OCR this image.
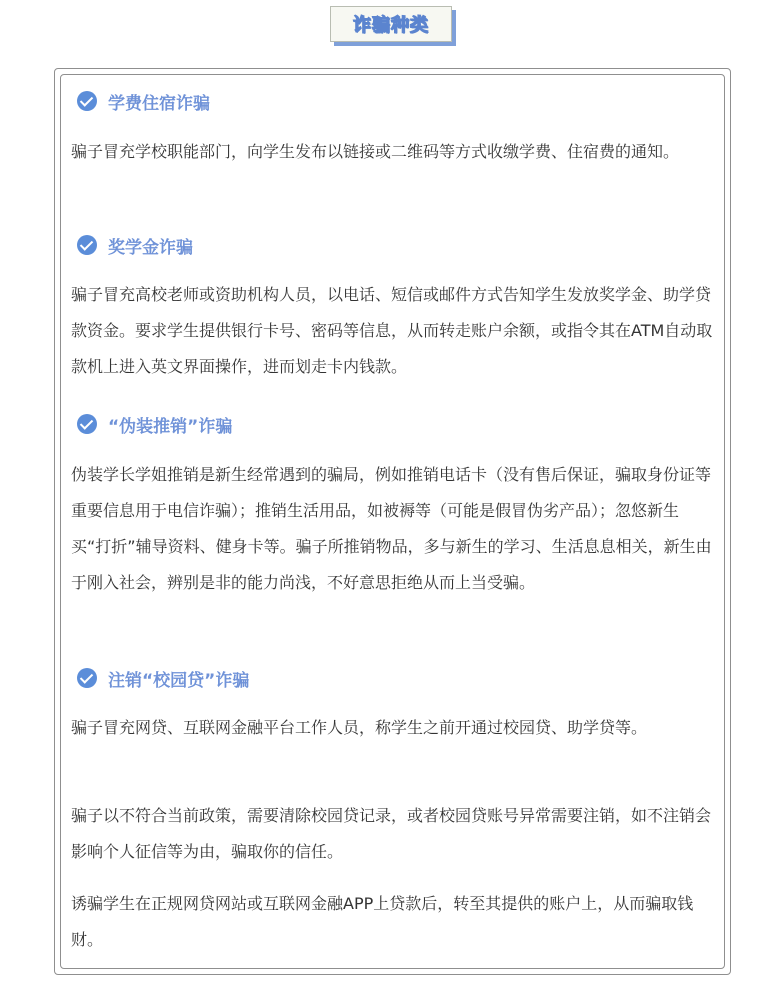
诈骗种类
学费住宿诈骗

骗子冒充学校职能部门，向学生发布以链接或二维码等方式收缴学费、住宿费的通知。

奖学金诈骗

骗子冒充高校老师或资助机构人员，以电话、短信或邮件方式告知学生发放奖学金、助学贷款资金。要求学生提供银行卡号、密码等信息，从而转走账户余额，或指令其在ATM自动取款机上进入英文界面操作，进而划走卡内钱款。

“伪装推销”诈骗

伪装学长学姐推销是新生经常遇到的骗局，例如推销电话卡（没有售后保证，骗取身份证等重要信息用于电信诈骗）；推销生活用品，如被褥等（可能是假冒伪劣产品）；忽悠新生买“打折”辅导资料、健身卡等。骗子所推销物品，多与新生的学习、生活息息相关，新生由于刚入社会，辨别是非的能力尚浅，不好意思拒绝从而上当受骗。

注销“校园贷”诈骗

骗子冒充网贷、互联网金融平台工作人员，称学生之前开通过校园贷、助学贷等。

骗子以不符合当前政策，需要清除校园贷记录，或者校园贷账号异常需要注销，如不注销会影响个人征信等为由，骗取你的信任。

诱骗学生在正规网贷网站或互联网金融APP上贷款后，转至其提供的账户上，从而骗取钱财。
